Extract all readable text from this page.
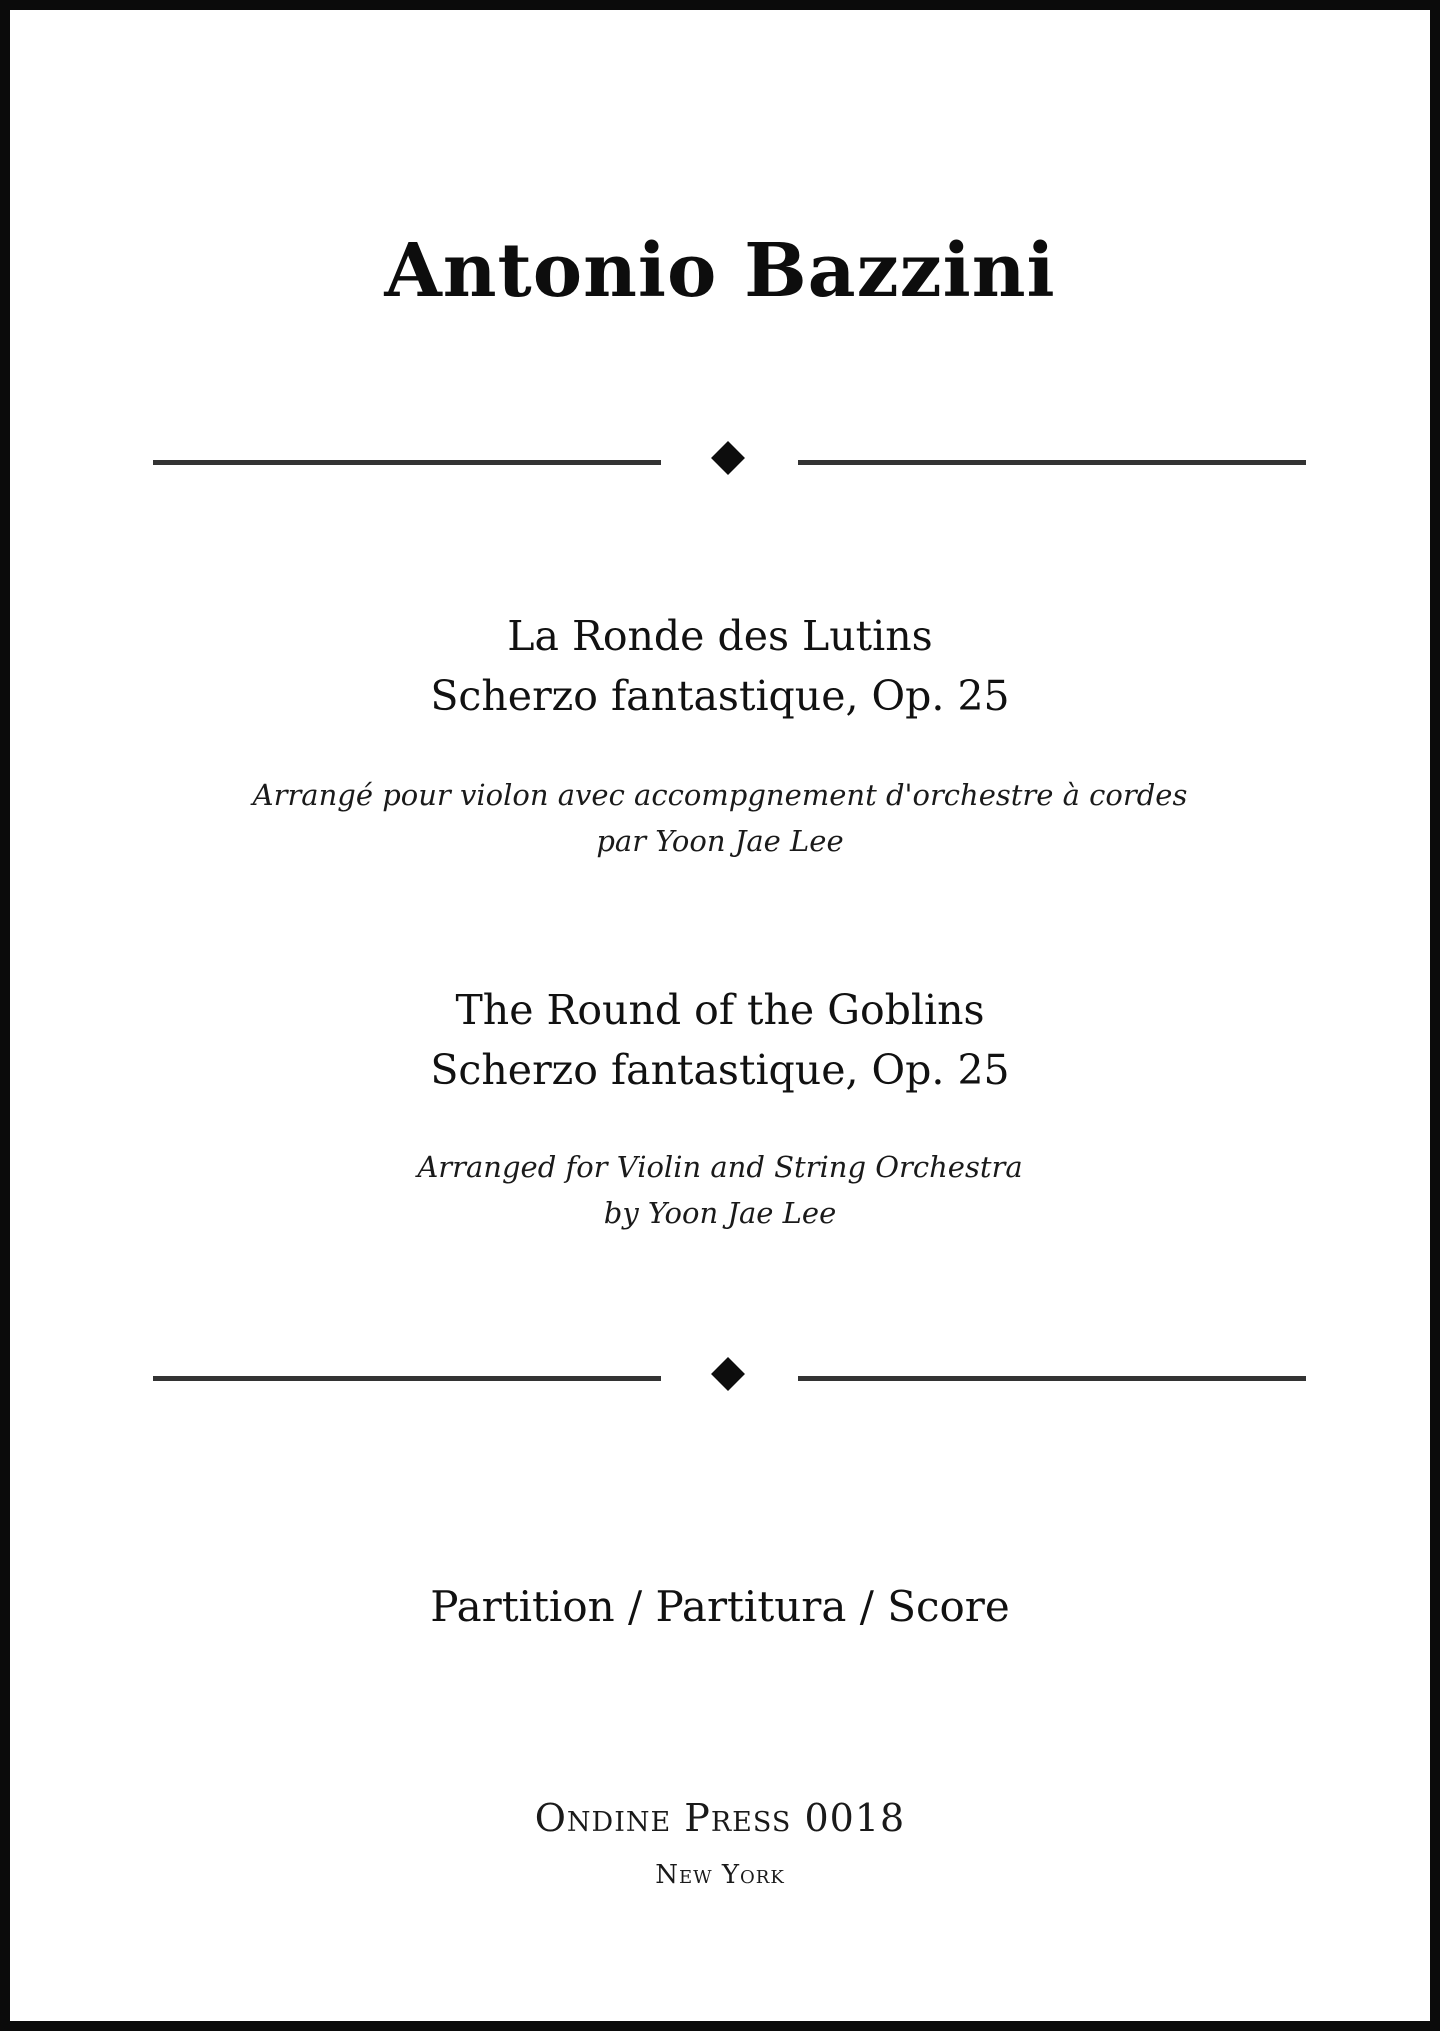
Antonio Bazzini
La Ronde des Lutins
Scherzo fantastique, Op. 25
Arrangé pour violon avec accompgnement d'orchestre à cordes
par Yoon Jae Lee
The Round of the Goblins
Scherzo fantastique, Op. 25
Arranged for Violin and String Orchestra
by Yoon Jae Lee
Partition / Partitura / Score
Ondine Press 0018
New York
